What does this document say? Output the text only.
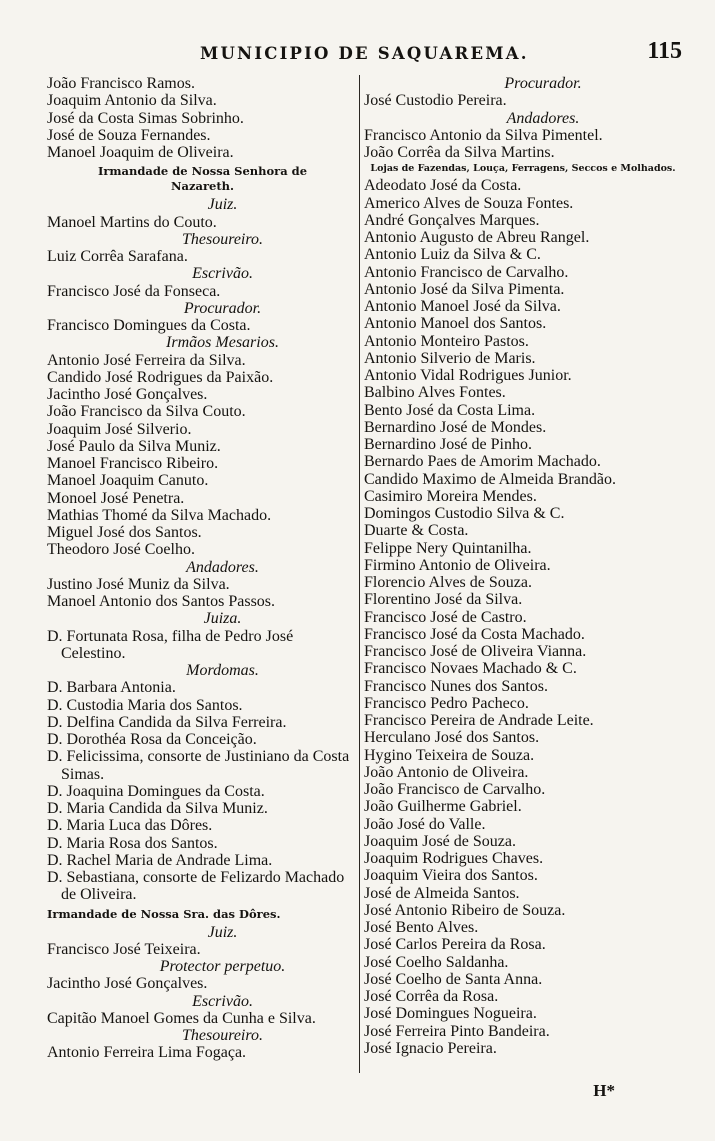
MUNICIPIO DE SAQUAREMA.	115
João Francisco Ramos.
Joaquim Antonio da Silva.
José da Costa Simas Sobrinho.
José de Souza Fernandes.
Manoel Joaquim de Oliveira.
Irmandade de Nossa Senhora de Nazareth.
Juiz.
Manoel Martins do Couto.
Thesoureiro.
Luiz Corrêa Sarafana.
Escrivão.
Francisco José da Fonseca.
Procurador.
Francisco Domingues da Costa.
Irmãos Mesarios.
Antonio José Ferreira da Silva.
Candido José Rodrigues da Paixão.
Jacintho José Gonçalves.
João Francisco da Silva Couto.
Joaquim José Silverio.
José Paulo da Silva Muniz.
Manoel Francisco Ribeiro.
Manoel Joaquim Canuto.
Monoel José Penetra.
Mathias Thomé da Silva Machado.
Miguel José dos Santos.
Theodoro José Coelho.
Andadores.
Justino José Muniz da Silva.
Manoel Antonio dos Santos Passos.
Juiza.
D. Fortunata Rosa, filha de Pedro José Celestino.
Mordomas.
D. Barbara Antonia.
D. Custodia Maria dos Santos.
D. Delfina Candida da Silva Ferreira.
D. Dorothéa Rosa da Conceição.
D. Felicissima, consorte de Justiniano da Costa Simas.
D. Joaquina Domingues da Costa.
D. Maria Candida da Silva Muniz.
D. Maria Luca das Dôres.
D. Maria Rosa dos Santos.
D. Rachel Maria de Andrade Lima.
D. Sebastiana, consorte de Felizardo Machado de Oliveira.
Irmandade de Nossa Sra. das Dôres.
Juiz.
Francisco José Teixeira.
Protector perpetuo.
Jacintho José Gonçalves.
Escrivão.
Capitão Manoel Gomes da Cunha e Silva.
Thesoureiro.
Antonio Ferreira Lima Fogaça.
Procurador.
José Custodio Pereira.
Andadores.
Francisco Antonio da Silva Pimentel.
João Corrêa da Silva Martins.
Lojas de Fazendas, Louça, Ferragens, Seccos e Molhados.
Adeodato José da Costa.
Americo Alves de Souza Fontes.
André Gonçalves Marques.
Antonio Augusto de Abreu Rangel.
Antonio Luiz da Silva & C.
Antonio Francisco de Carvalho.
Antonio José da Silva Pimenta.
Antonio Manoel José da Silva.
Antonio Manoel dos Santos.
Antonio Monteiro Pastos.
Antonio Silverio de Maris.
Antonio Vidal Rodrigues Junior.
Balbino Alves Fontes.
Bento José da Costa Lima.
Bernardino José de Mondes.
Bernardino José de Pinho.
Bernardo Paes de Amorim Machado.
Candido Maximo de Almeida Brandão.
Casimiro Moreira Mendes.
Domingos Custodio Silva & C.
Duarte & Costa.
Felippe Nery Quintanilha.
Firmino Antonio de Oliveira.
Florencio Alves de Souza.
Florentino José da Silva.
Francisco José de Castro.
Francisco José da Costa Machado.
Francisco José de Oliveira Vianna.
Francisco Novaes Machado & C.
Francisco Nunes dos Santos.
Francisco Pedro Pacheco.
Francisco Pereira de Andrade Leite.
Herculano José dos Santos.
Hygino Teixeira de Souza.
João Antonio de Oliveira.
João Francisco de Carvalho.
João Guilherme Gabriel.
João José do Valle.
Joaquim José de Souza.
Joaquim Rodrigues Chaves.
Joaquim Vieira dos Santos.
José de Almeida Santos.
José Antonio Ribeiro de Souza.
José Bento Alves.
José Carlos Pereira da Rosa.
José Coelho Saldanha.
José Coelho de Santa Anna.
José Corrêa da Rosa.
José Domingues Nogueira.
José Ferreira Pinto Bandeira.
José Ignacio Pereira.
H*
